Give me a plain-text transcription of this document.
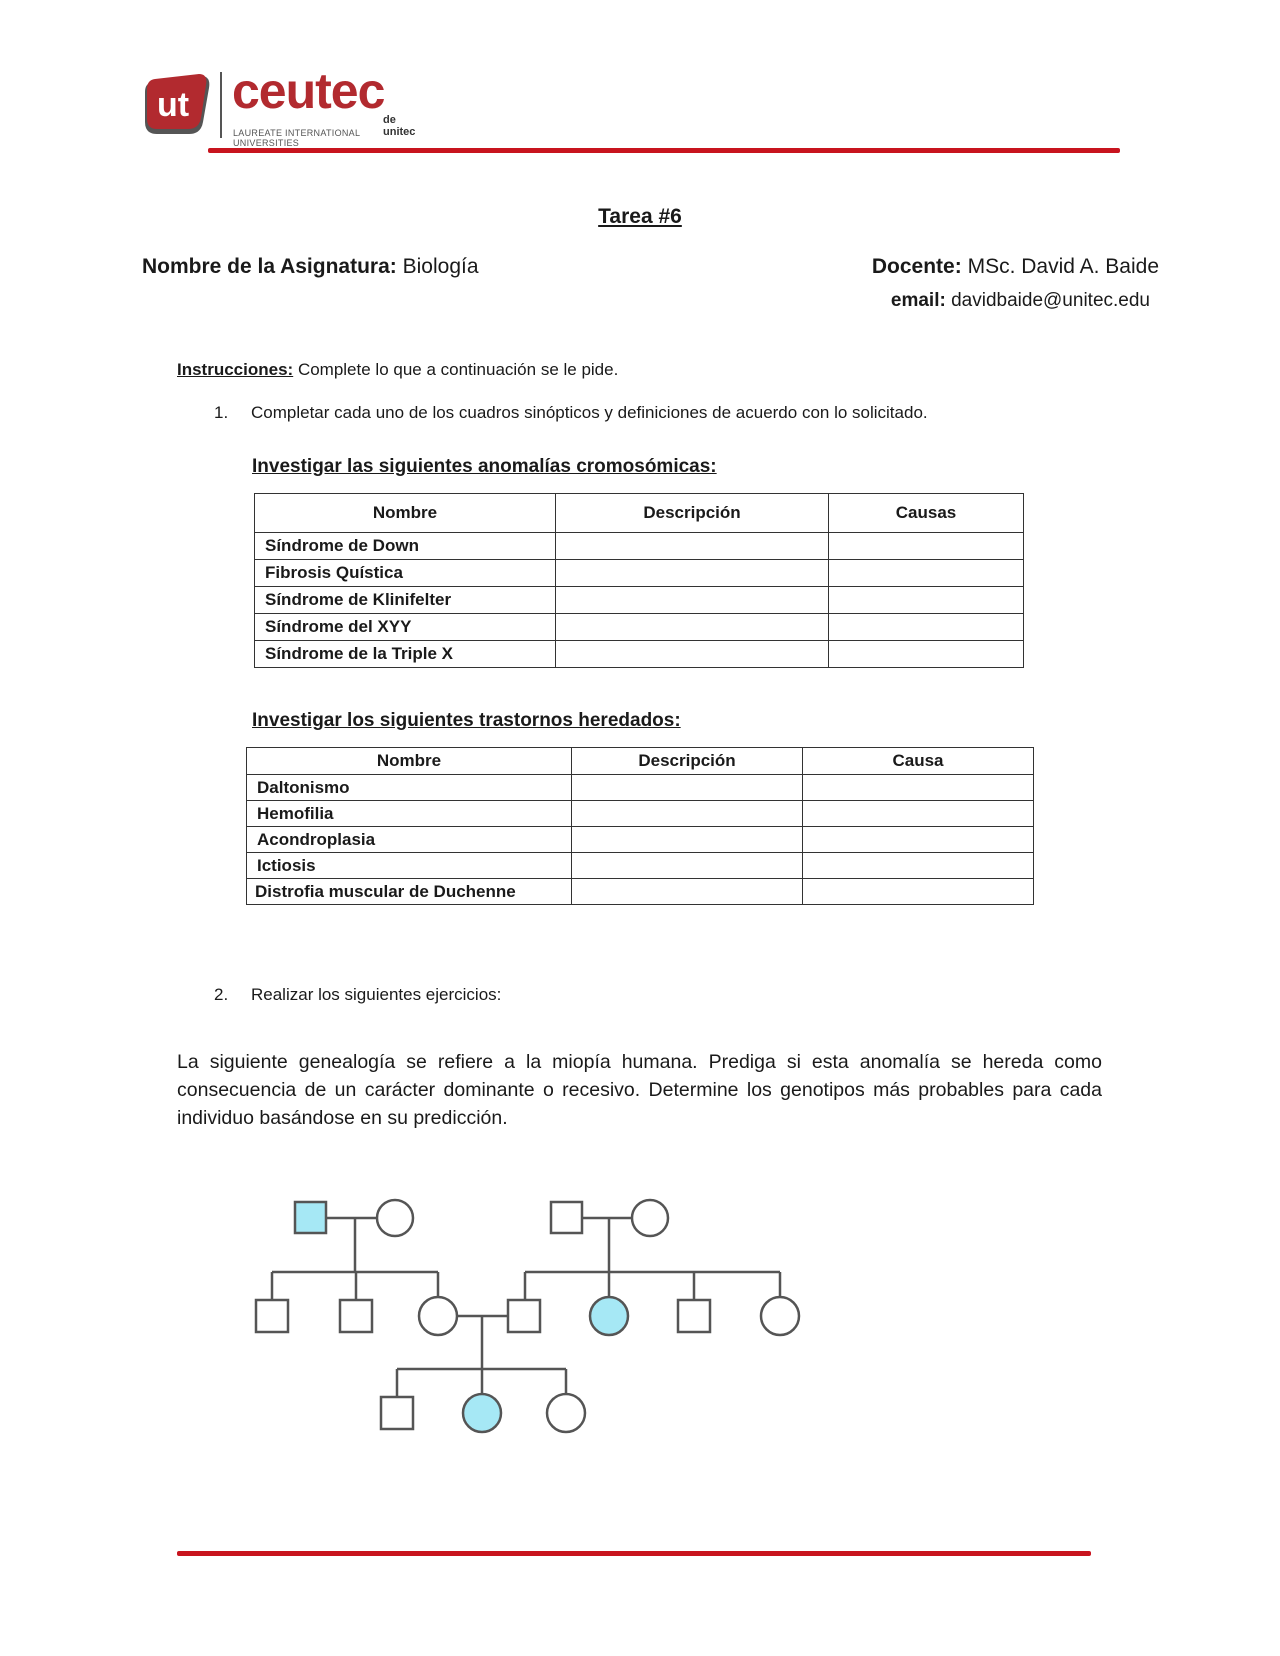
ut ceutec
de unitec
LAUREATE INTERNATIONAL UNIVERSITIES
Tarea #6
Nombre de la Asignatura: Biología	Docente: MSc. David A. Baide
email: davidbaide@unitec.edu
Instrucciones: Complete lo que a continuación se le pide.
1. Completar cada uno de los cuadros sinópticos y definiciones de acuerdo con lo solicitado.
Investigar las siguientes anomalías cromosómicas:
Nombre	Descripción	Causas
Síndrome de Down		
Fibrosis Quística		
Síndrome de Klinifelter		
Síndrome del XYY		
Síndrome de la Triple X		
Investigar los siguientes trastornos heredados:
Nombre	Descripción	Causa
Daltonismo		
Hemofilia		
Acondroplasia		
Ictiosis		
Distrofia muscular de Duchenne		
2. Realizar los siguientes ejercicios:
La siguiente genealogía se refiere a la miopía humana. Prediga si esta anomalía se hereda como consecuencia de un carácter dominante o recesivo. Determine los genotipos más probables para cada individuo basándose en su predicción.
